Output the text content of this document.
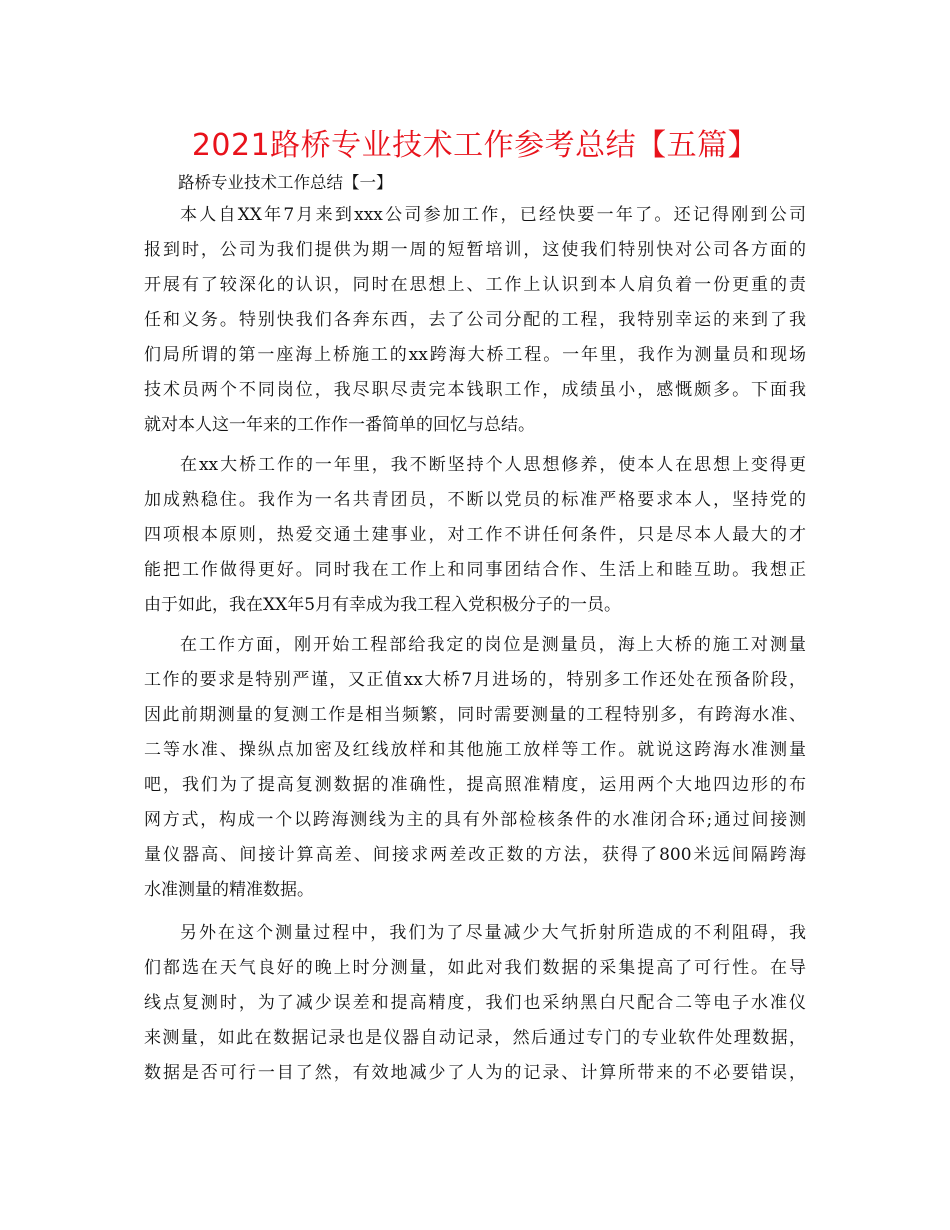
2021路桥专业技术工作参考总结【五篇】
路桥专业技术工作总结【一】
本人自XX年7月来到xxx公司参加工作，已经快要一年了。还记得刚到公司
报到时，公司为我们提供为期一周的短暂培训，这使我们特别快对公司各方面的
开展有了较深化的认识，同时在思想上、工作上认识到本人肩负着一份更重的责
任和义务。特别快我们各奔东西，去了公司分配的工程，我特别幸运的来到了我
们局所谓的第一座海上桥施工的xx跨海大桥工程。一年里，我作为测量员和现场
技术员两个不同岗位，我尽职尽责完本钱职工作，成绩虽小，感慨颇多。下面我
就对本人这一年来的工作作一番简单的回忆与总结。
在xx大桥工作的一年里，我不断坚持个人思想修养，使本人在思想上变得更
加成熟稳住。我作为一名共青团员，不断以党员的标准严格要求本人，坚持党的
四项根本原则，热爱交通土建事业，对工作不讲任何条件，只是尽本人最大的才
能把工作做得更好。同时我在工作上和同事团结合作、生活上和睦互助。我想正
由于如此，我在XX年5月有幸成为我工程入党积极分子的一员。
在工作方面，刚开始工程部给我定的岗位是测量员，海上大桥的施工对测量
工作的要求是特别严谨，又正值xx大桥7月进场的，特别多工作还处在预备阶段，
因此前期测量的复测工作是相当频繁，同时需要测量的工程特别多，有跨海水准、
二等水准、操纵点加密及红线放样和其他施工放样等工作。就说这跨海水准测量
吧，我们为了提高复测数据的准确性，提高照准精度，运用两个大地四边形的布
网方式，构成一个以跨海测线为主的具有外部检核条件的水准闭合环;通过间接测
量仪器高、间接计算高差、间接求两差改正数的方法，获得了800米远间隔跨海
水准测量的精准数据。
另外在这个测量过程中，我们为了尽量减少大气折射所造成的不利阻碍，我
们都选在天气良好的晚上时分测量，如此对我们数据的采集提高了可行性。在导
线点复测时，为了减少误差和提高精度，我们也采纳黑白尺配合二等电子水准仪
来测量，如此在数据记录也是仪器自动记录，然后通过专门的专业软件处理数据，
数据是否可行一目了然，有效地减少了人为的记录、计算所带来的不必要错误，
